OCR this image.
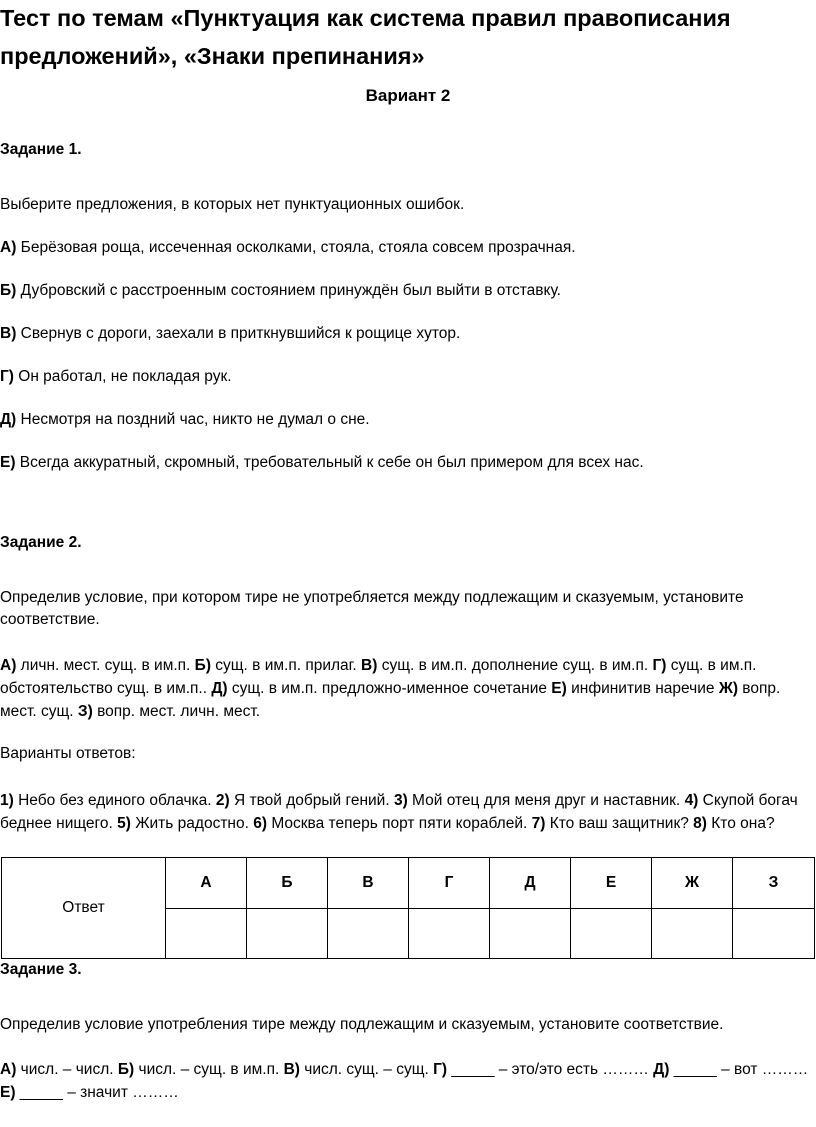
Тест по темам «Пунктуация как система правил правописания
предложений», «Знаки препинания»
Вариант 2
Задание 1.
Выберите предложения, в которых нет пунктуационных ошибок.
А) Берёзовая роща, иссеченная осколками, стояла, стояла совсем прозрачная.
Б) Дубровский с расстроенным состоянием принуждён был выйти в отставку.
В) Свернув с дороги, заехали в приткнувшийся к рощице хутор.
Г) Он работал, не покладая рук.
Д) Несмотря на поздний час, никто не думал о сне.
Е) Всегда аккуратный, скромный, требовательный к себе он был примером для всех нас.
Задание 2.
Определив условие, при котором тире не употребляется между подлежащим и сказуемым, установите
соответствие.
А) личн. мест. сущ. в им.п. Б) сущ. в им.п. прилаг. В) сущ. в им.п. дополнение сущ. в им.п. Г) сущ. в им.п. обстоятельство сущ. в им.п.. Д) сущ. в им.п. предложно-именное сочетание Е) инфинитив наречие Ж) вопр. мест. сущ. З) вопр. мест. личн. мест.
Варианты ответов:
1) Небо без единого облачка. 2) Я твой добрый гений. 3) Мой отец для меня друг и наставник. 4) Скупой богач беднее нищего. 5) Жить радостно. 6) Москва теперь порт пяти кораблей. 7) Кто ваш защитник? 8) Кто она?
Ответ	А	Б	В	Г	Д	Е	Ж	З

Задание 3.
Определив условие употребления тире между подлежащим и сказуемым, установите соответствие.
А) числ. – числ. Б) числ. – сущ. в им.п. В) числ. сущ. – сущ. Г) _____ – это/это есть ……… Д) _____ – вот ……… Е) _____ – значит ………
